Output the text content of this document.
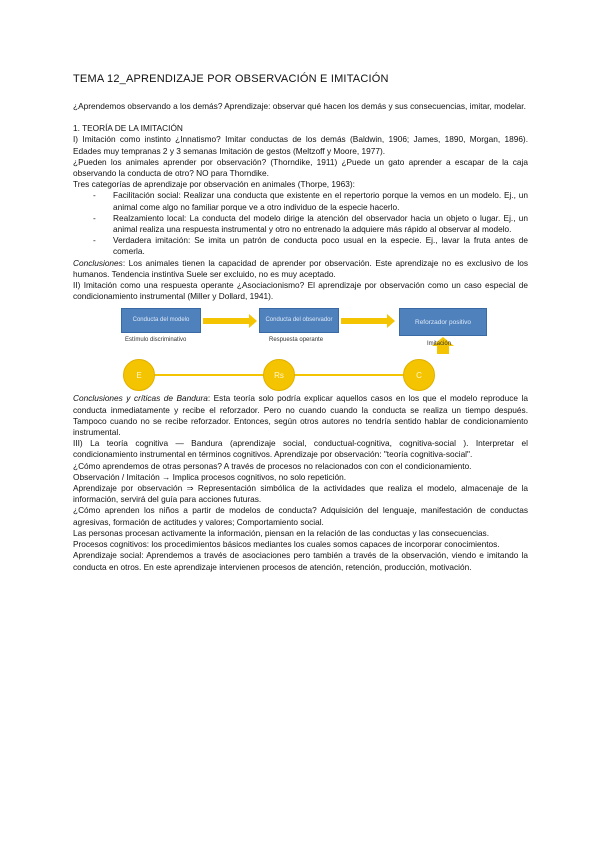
TEMA 12_APRENDIZAJE POR OBSERVACIÓN E IMITACIÓN

¿Aprendemos observando a los demás? Aprendizaje: observar qué hacen los demás y sus consecuencias, imitar, modelar.

1. TEORÍA DE LA IMITACIÓN

I) Imitación como instinto ¿Innatismo? Imitar conductas de los demás (Baldwin, 1906; James, 1890, Morgan, 1896). Edades muy tempranas 2 y 3 semanas Imitación de gestos (Meltzoff y Moore, 1977).

¿Pueden los animales aprender por observación? (Thorndike, 1911) ¿Puede un gato aprender a escapar de la caja observando la conducta de otro? NO para Thorndike.

Tres categorías de aprendizaje por observación en animales (Thorpe, 1963):

- Facilitación social: Realizar una conducta que existente en el repertorio porque la vemos en un modelo. Ej., un animal come algo no familiar porque ve a otro individuo de la especie hacerlo.
- Realzamiento local: La conducta del modelo dirige la atención del observador hacia un objeto o lugar. Ej., un animal realiza una respuesta instrumental y otro no entrenado la adquiere más rápido al observar al modelo.
- Verdadera imitación: Se imita un patrón de conducta poco usual en la especie. Ej., lavar la fruta antes de comerla.

Conclusiones: Los animales tienen la capacidad de aprender por observación. Este aprendizaje no es exclusivo de los humanos. Tendencia instintiva Suele ser excluido, no es muy aceptado.

II) Imitación como una respuesta operante ¿Asociacionismo? El aprendizaje por observación como un caso especial de condicionamiento instrumental (Miller y Dollard, 1941).

Conducta del modelo	Conducta del observador	Reforzador positivo
Estímulo discriminativo	Respuesta operante
Imitación
E	Rs	C

Conclusiones y críticas de Bandura: Esta teoría solo podría explicar aquellos casos en los que el modelo reproduce la conducta inmediatamente y recibe el reforzador. Pero no cuando cuando la conducta se realiza un tiempo después. Tampoco cuando no se recibe reforzador. Entonces, según otros autores no tendría sentido hablar de condicionamiento instrumental.

III) La teoría cognitiva — Bandura (aprendizaje social, conductual-cognitiva, cognitiva-social ). Interpretar el condicionamiento instrumental en términos cognitivos. Aprendizaje por observación: "teoría cognitiva-social".

¿Cómo aprendemos de otras personas? A través de procesos no relacionados con con el condicionamiento.

Observación / Imitación → Implica procesos cognitivos, no solo repetición.

Aprendizaje por observación ⇒ Representación simbólica de la actividades que realiza el modelo, almacenaje de la información, servirá del guía para acciones futuras.

¿Cómo aprenden los niños a partir de modelos de conducta? Adquisición del lenguaje, manifestación de conductas agresivas, formación de actitudes y valores; Comportamiento social.

Las personas procesan activamente la información, piensan en la relación de las conductas y las consecuencias.

Procesos cognitivos: los procedimientos básicos mediantes los cuales somos capaces de incorporar conocimientos.

Aprendizaje social: Aprendemos a través de asociaciones pero también a través de la observación, viendo e imitando la conducta en otros. En este aprendizaje intervienen procesos de atención, retención, producción, motivación.
